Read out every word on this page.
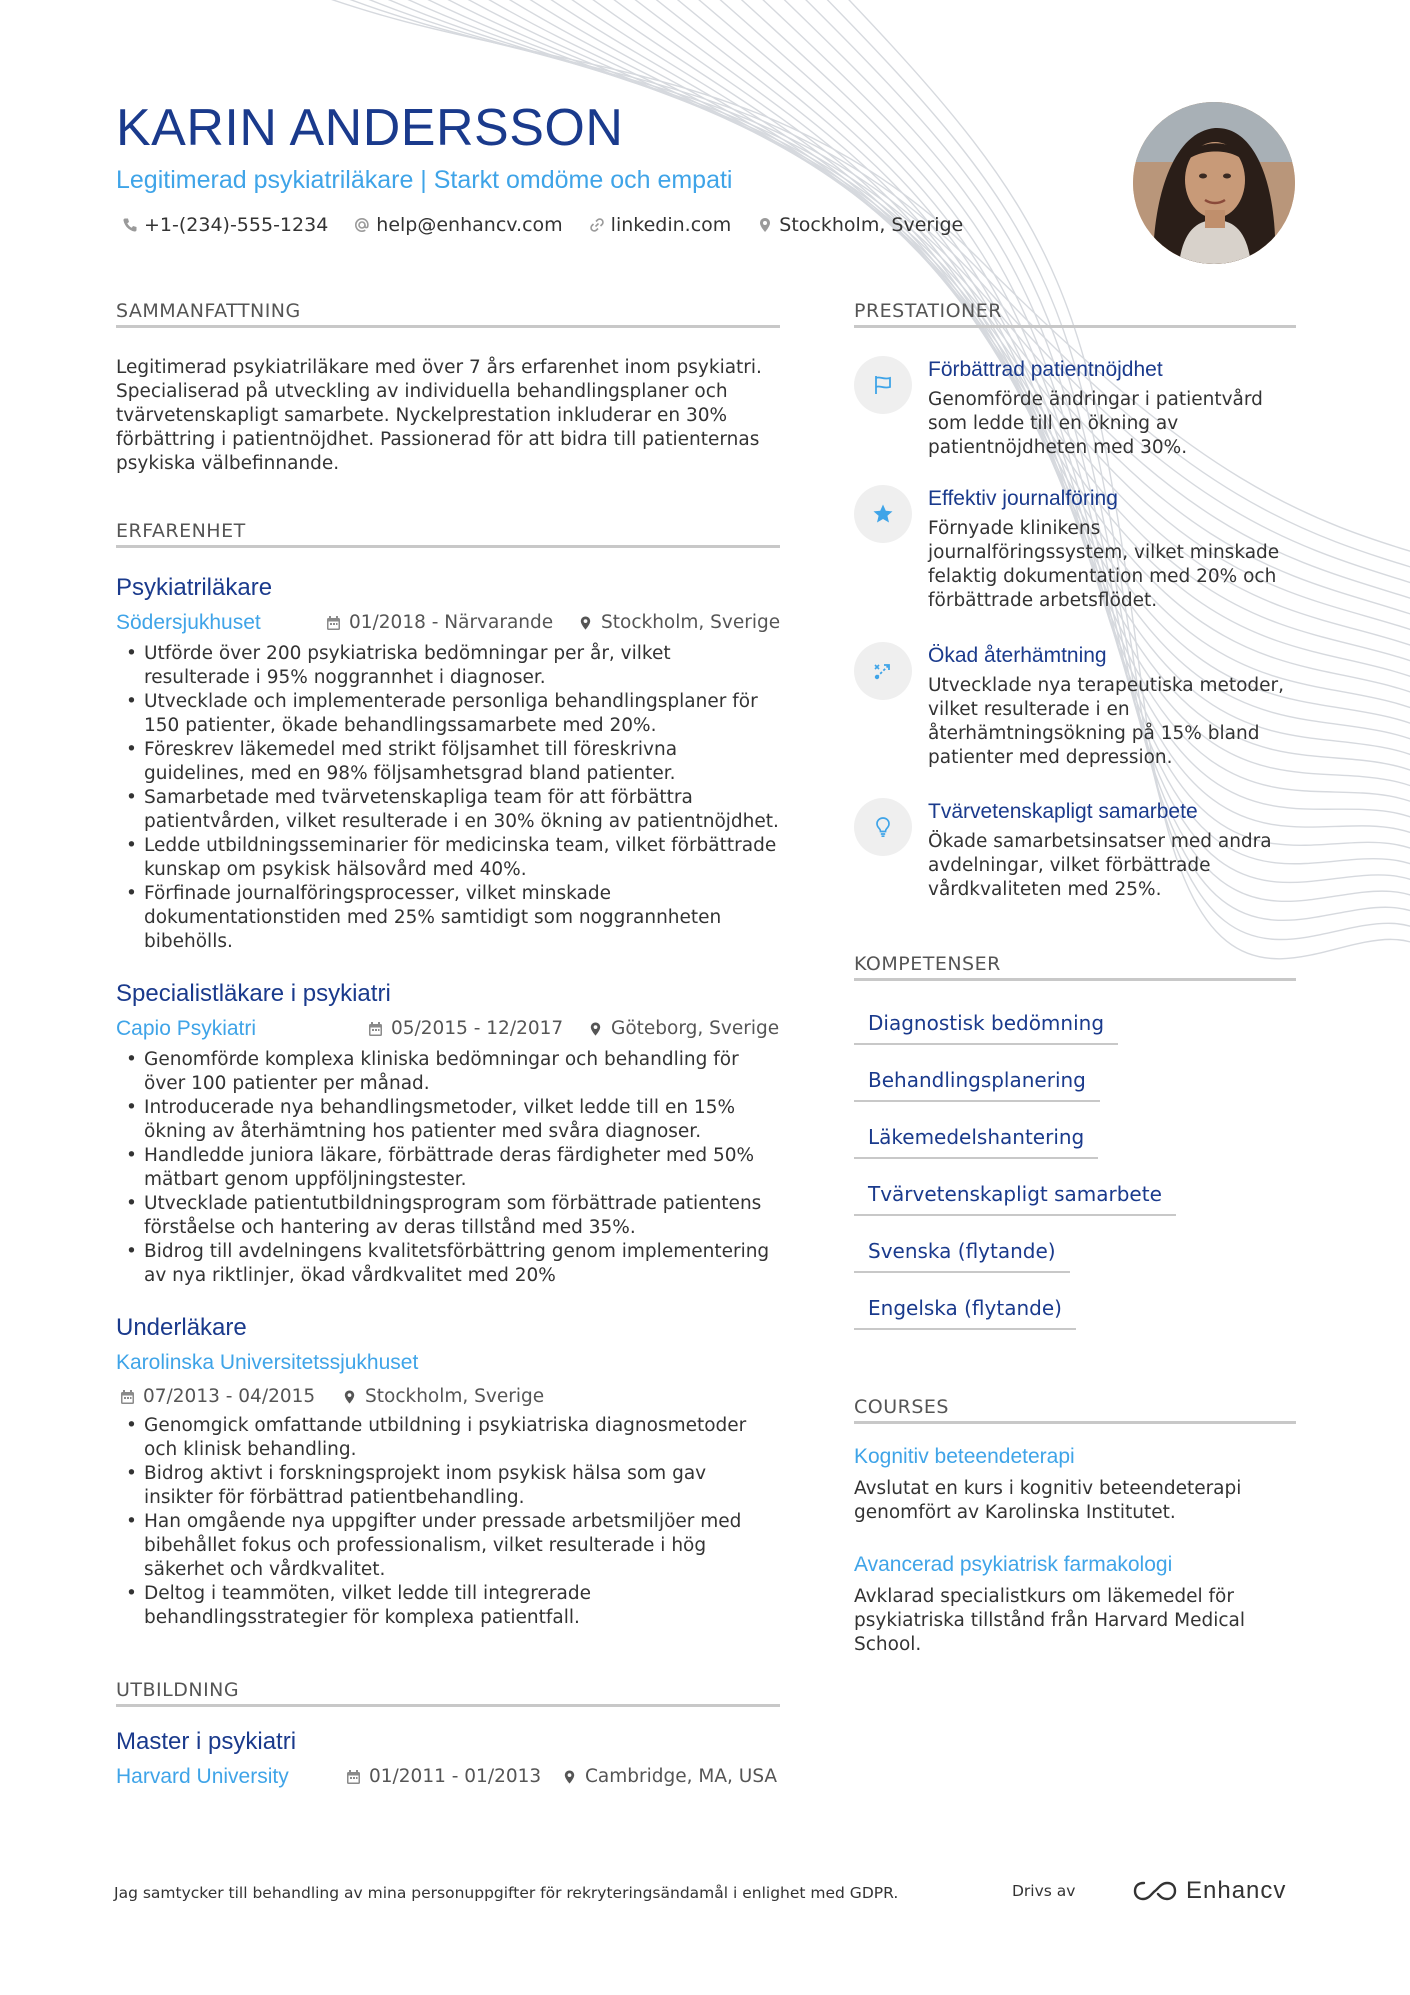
KARIN ANDERSSON
Legitimerad psykiatriläkare | Starkt omdöme och empati
+1-(234)-555-1234	help@enhancv.com	linkedin.com	Stockholm, Sverige
SAMMANFATTNING
Legitimerad psykiatriläkare med över 7 års erfarenhet inom psykiatri. Specialiserad på utveckling av individuella behandlingsplaner och tvärvetenskapligt samarbete. Nyckelprestation inkluderar en 30% förbättring i patientnöjdhet. Passionerad för att bidra till patienternas psykiska välbefinnande.
ERFARENHET
Psykiatriläkare
Södersjukhuset	01/2018 - Närvarande	Stockholm, Sverige
• Utförde över 200 psykiatriska bedömningar per år, vilket resulterade i 95% noggrannhet i diagnoser.
• Utvecklade och implementerade personliga behandlingsplaner för 150 patienter, ökade behandlingssamarbete med 20%.
• Föreskrev läkemedel med strikt följsamhet till föreskrivna guidelines, med en 98% följsamhetsgrad bland patienter.
• Samarbetade med tvärvetenskapliga team för att förbättra patientvården, vilket resulterade i en 30% ökning av patientnöjdhet.
• Ledde utbildningsseminarier för medicinska team, vilket förbättrade kunskap om psykisk hälsovård med 40%.
• Förfinade journalföringsprocesser, vilket minskade dokumentationstiden med 25% samtidigt som noggrannheten bibehölls.
Specialistläkare i psykiatri
Capio Psykiatri	05/2015 - 12/2017	Göteborg, Sverige
• Genomförde komplexa kliniska bedömningar och behandling för över 100 patienter per månad.
• Introducerade nya behandlingsmetoder, vilket ledde till en 15% ökning av återhämtning hos patienter med svåra diagnoser.
• Handledde juniora läkare, förbättrade deras färdigheter med 50% mätbart genom uppföljningstester.
• Utvecklade patientutbildningsprogram som förbättrade patientens förståelse och hantering av deras tillstånd med 35%.
• Bidrog till avdelningens kvalitetsförbättring genom implementering av nya riktlinjer, ökad vårdkvalitet med 20%
Underläkare
Karolinska Universitetssjukhuset
07/2013 - 04/2015	Stockholm, Sverige
• Genomgick omfattande utbildning i psykiatriska diagnosmetoder och klinisk behandling.
• Bidrog aktivt i forskningsprojekt inom psykisk hälsa som gav insikter för förbättrad patientbehandling.
• Han omgående nya uppgifter under pressade arbetsmiljöer med bibehållet fokus och professionalism, vilket resulterade i hög säkerhet och vårdkvalitet.
• Deltog i teammöten, vilket ledde till integrerade behandlingsstrategier för komplexa patientfall.
UTBILDNING
Master i psykiatri
Harvard University	01/2011 - 01/2013 Cambridge, MA, USA
PRESTATIONER
Förbättrad patientnöjdhet
Genomförde ändringar i patientvård som ledde till en ökning av patientnöjdheten med 30%.
Effektiv journalföring
Förnyade klinikens journalföringssystem, vilket minskade felaktig dokumentation med 20% och förbättrade arbetsflödet.
Ökad återhämtning
Utvecklade nya terapeutiska metoder, vilket resulterade i en återhämtningsökning på 15% bland patienter med depression.
Tvärvetenskapligt samarbete
Ökade samarbetsinsatser med andra avdelningar, vilket förbättrade vårdkvaliteten med 25%.
KOMPETENSER
Diagnostisk bedömning
Behandlingsplanering
Läkemedelshantering
Tvärvetenskapligt samarbete
Svenska (flytande)
Engelska (flytande)
COURSES
Kognitiv beteendeterapi
Avslutat en kurs i kognitiv beteendeterapi genomfört av Karolinska Institutet.
Avancerad psykiatrisk farmakologi
Avklarad specialistkurs om läkemedel för psykiatriska tillstånd från Harvard Medical School.
Jag samtycker till behandling av mina personuppgifter för rekryteringsändamål i enlighet med GDPR.	Drivs av	Enhancv
